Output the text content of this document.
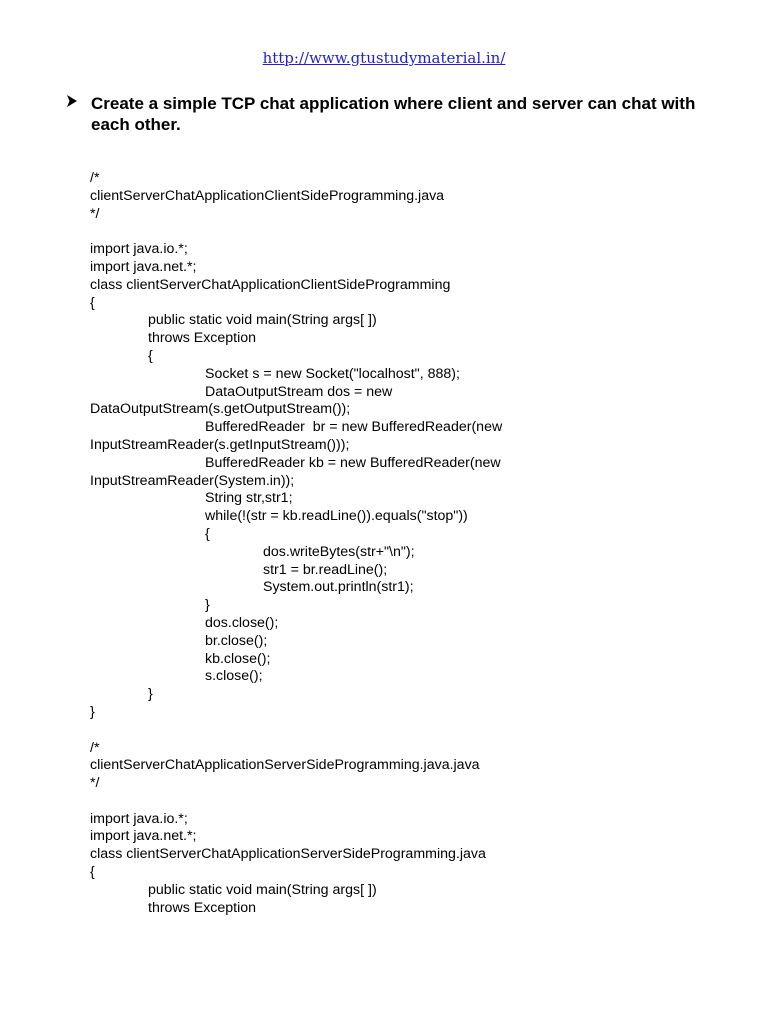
http://www.gtustudymaterial.in/
Create a simple TCP chat application where client and server can chat with each other.
/*
clientServerChatApplicationClientSideProgramming.java
*/
import java.io.*;
import java.net.*;
class clientServerChatApplicationClientSideProgramming
{
public static void main(String args[ ])
throws Exception
{
Socket s = new Socket("localhost", 888);
DataOutputStream dos = new
DataOutputStream(s.getOutputStream());
BufferedReader  br = new BufferedReader(new
InputStreamReader(s.getInputStream()));
BufferedReader kb = new BufferedReader(new
InputStreamReader(System.in));
String str,str1;
while(!(str = kb.readLine()).equals("stop"))
{
dos.writeBytes(str+"\n");
str1 = br.readLine();
System.out.println(str1);
}
dos.close();
br.close();
kb.close();
s.close();
}
}
/*
clientServerChatApplicationServerSideProgramming.java.java
*/
import java.io.*;
import java.net.*;
class clientServerChatApplicationServerSideProgramming.java
{
public static void main(String args[ ])
throws Exception
